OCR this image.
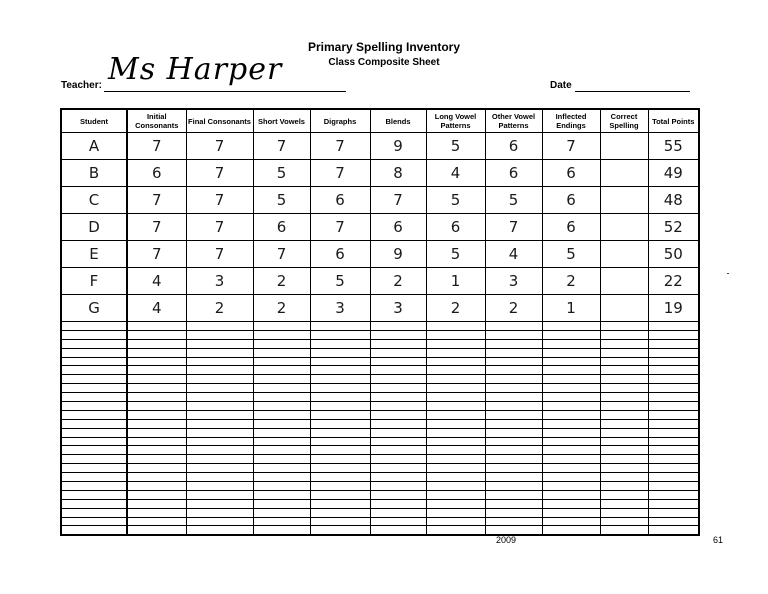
Primary Spelling Inventory
Class Composite Sheet
Teacher: Ms Harper	Date
Student	Initial Consonants	Final Consonants	Short Vowels	Digraphs	Blends	Long Vowel Patterns	Other Vowel Patterns	Inflected Endings	Correct Spelling	Total Points
A	7	7	7	7	9	5	6	7		55
B	6	7	5	7	8	4	6	6		49
C	7	7	5	6	7	5	5	6		48
D	7	7	6	7	6	6	7	6		52
E	7	7	7	6	9	5	4	5		50
F	4	3	2	5	2	1	3	2		22
G	4	2	2	3	3	2	2	1		19

2009	61
